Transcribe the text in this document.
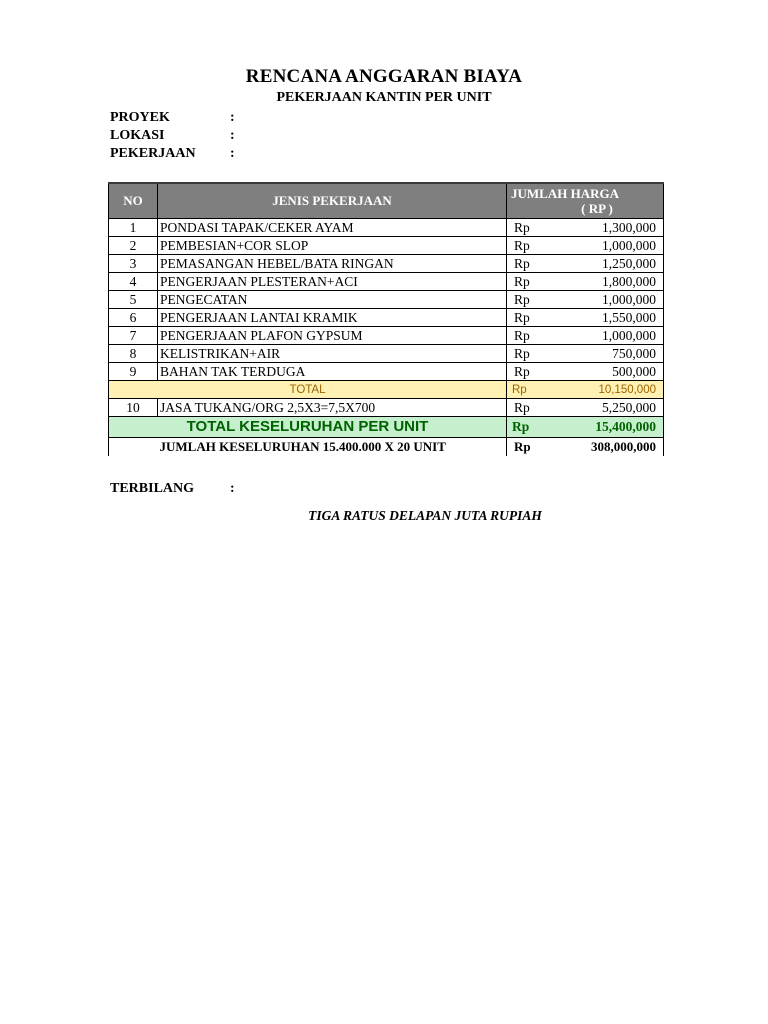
RENCANA ANGGARAN BIAYA
PEKERJAAN KANTIN PER UNIT
PROYEK	:
LOKASI	:
PEKERJAAN :
NO	JENIS PEKERJAAN	JUMLAH HARGA
( RP )

1	PONDASI TAPAK/CEKER AYAM	Rp 1,300,000

2	PEMBESIAN+COR SLOP	Rp 1,000,000

3	PEMASANGAN HEBEL/BATA RINGAN	Rp 1,250,000

4	PENGERJAAN PLESTERAN+ACI	Rp 1,800,000

5	PENGECATAN	Rp 1,000,000

6	PENGERJAAN LANTAI KRAMIK	Rp 1,550,000

7	PENGERJAAN PLAFON GYPSUM	Rp 1,000,000

8	KELISTRIKAN+AIR	Rp 750,000

9	BAHAN TAK TERDUGA	Rp 500,000

TOTAL		Rp 10,150,000

10	JASA TUKANG/ORG 2,5X3=7,5X700	Rp 5,250,000

TOTAL KESELURUHAN PER UNIT		Rp 15,400,000

	JUMLAH KESELURUHAN 15.400.000 X 20 UNIT	Rp 308,000,000
TERBILANG	:
TIGA RATUS DELAPAN JUTA RUPIAH
